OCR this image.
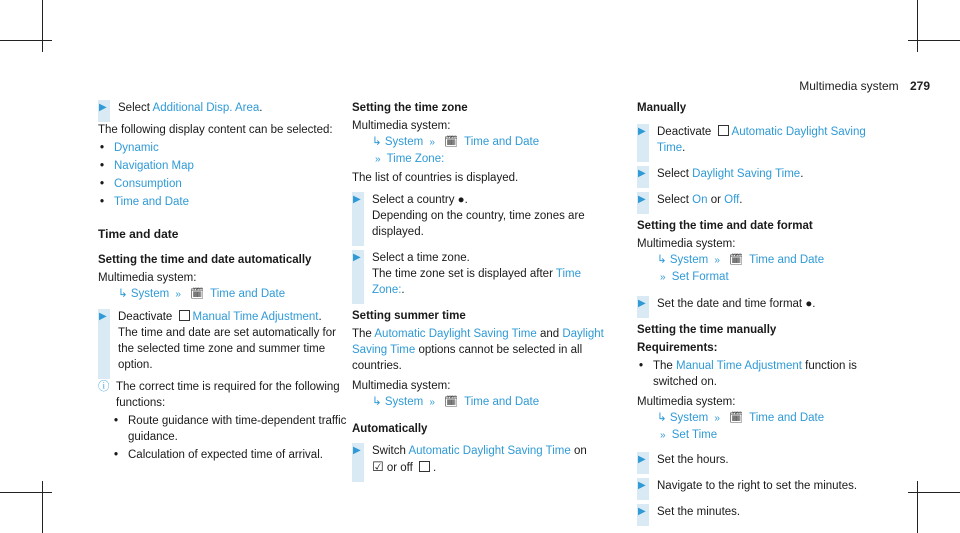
Multimedia system 279
▶ Select Additional Disp. Area.
The following display content can be selected:
• Dynamic
• Navigation Map
• Consumption
• Time and Date
Time and date
Setting the time and date automatically
Multimedia system:
↳ System » 🗓 Time and Date
▶ Deactivate Manual Time Adjustment.
The time and date are set automatically for the selected time zone and summer time option.
ⓘ The correct time is required for the following functions:
• Route guidance with time-dependent traffic guidance.
• Calculation of expected time of arrival.
Setting the time zone
Multimedia system:
↳ System » 🗓 Time and Date
» Time Zone:
The list of countries is displayed.
▶ Select a country ●.
Depending on the country, time zones are displayed.
▶ Select a time zone.
The time zone set is displayed after Time Zone:.
Setting summer time
The Automatic Daylight Saving Time and Daylight Saving Time options cannot be selected in all countries.
Multimedia system:
↳ System » 🗓 Time and Date
Automatically
▶ Switch Automatic Daylight Saving Time on
☑ or off .
Manually
▶ Deactivate Automatic Daylight Saving Time.
▶ Select Daylight Saving Time.
▶ Select On or Off.
Setting the time and date format
Multimedia system:
↳ System » 🗓 Time and Date
» Set Format
▶ Set the date and time format ●.
Setting the time manually
Requirements:
• The Manual Time Adjustment function is switched on.
Multimedia system:
↳ System » 🗓 Time and Date
» Set Time
▶ Set the hours.
▶ Navigate to the right to set the minutes.
▶ Set the minutes.
